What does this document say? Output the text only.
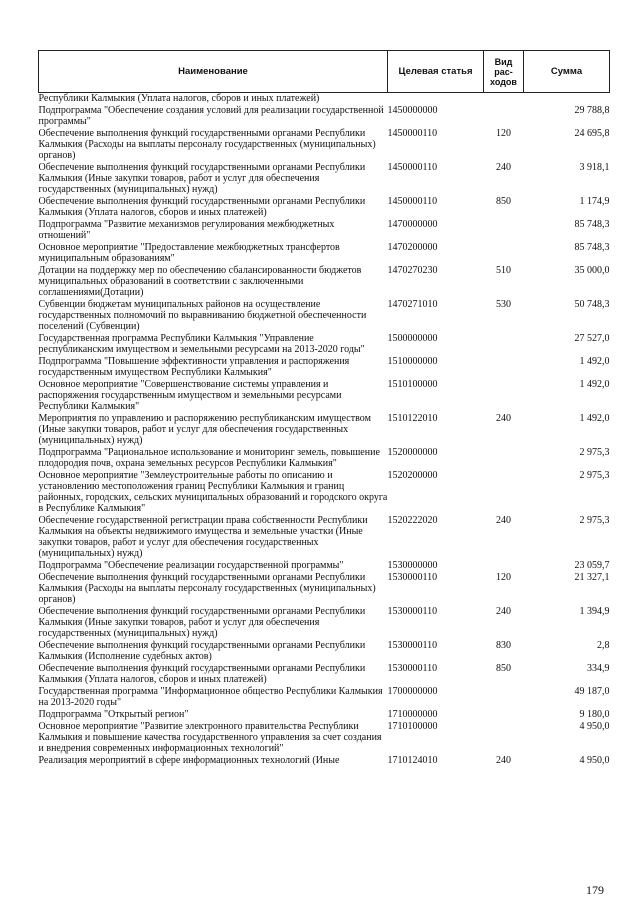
Наименование	Целевая статья	Вид рас-ходов	Сумма
Республики Калмыкия (Уплата налогов, сборов и иных платежей)			
Подпрограмма "Обеспечение создания условий для реализации государственной программы"	1450000000		29 788,8
Обеспечение выполнения функций государственными органами Республики Калмыкия (Расходы на выплаты персоналу государственных (муниципальных) органов)	1450000110	120	24 695,8
Обеспечение выполнения функций государственными органами Республики Калмыкия (Иные закупки товаров, работ и услуг для обеспечения государственных (муниципальных) нужд)	1450000110	240	3 918,1
Обеспечение выполнения функций государственными органами Республики Калмыкия (Уплата налогов, сборов и иных платежей)	1450000110	850	1 174,9
Подпрограмма "Развитие механизмов регулирования межбюджетных отношений"	1470000000		85 748,3
Основное мероприятие "Предоставление межбюджетных трансфертов муниципальным образованиям"	1470200000		85 748,3
Дотации на поддержку мер по обеспечению сбалансированности бюджетов муниципальных образований в соответствии с заключенными соглашениями(Дотации)	1470270230	510	35 000,0
Субвенции бюджетам муниципальных районов на осуществление государственных полномочий по выравниванию бюджетной обеспеченности поселений (Субвенции)	1470271010	530	50 748,3
Государственная программа Республики Калмыкия "Управление республиканским имуществом и земельными ресурсами на 2013-2020 годы"	1500000000		27 527,0
Подпрограмма "Повышение эффективности управления и распоряжения государственным имуществом Республики Калмыкия"	1510000000		1 492,0
Основное мероприятие "Совершенствование системы управления и распоряжения государственным имуществом и земельными ресурсами Республики Калмыкия"	1510100000		1 492,0
Мероприятия по управлению и распоряжению республиканским имуществом (Иные закупки товаров, работ и услуг для обеспечения государственных (муниципальных) нужд)	1510122010	240	1 492,0
Подпрограмма "Рациональное использование и мониторинг земель, повышение плодородия почв, охрана земельных ресурсов Республики Калмыкия"	1520000000		2 975,3
Основное мероприятие "Землеустроительные работы по описанию и установлению местоположения границ Республики Калмыкия и границ районных, городских, сельских муниципальных образований и городского округа в Республике Калмыкия"	1520200000		2 975,3
Обеспечение государственной регистрации права собственности Республики Калмыкия на объекты недвижимого имущества и земельные участки (Иные закупки товаров, работ и услуг для обеспечения государственных (муниципальных) нужд)	1520222020	240	2 975,3
Подпрограмма "Обеспечение реализации государственной программы"	1530000000		23 059,7
Обеспечение выполнения функций государственными органами Республики Калмыкия (Расходы на выплаты персоналу государственных (муниципальных) органов)	1530000110	120	21 327,1
Обеспечение выполнения функций государственными органами Республики Калмыкия (Иные закупки товаров, работ и услуг для обеспечения государственных (муниципальных) нужд)	1530000110	240	1 394,9
Обеспечение выполнения функций государственными органами Республики Калмыкия (Исполнение судебных актов)	1530000110	830	2,8
Обеспечение выполнения функций государственными органами Республики Калмыкия (Уплата налогов, сборов и иных платежей)	1530000110	850	334,9
Государственная программа "Информационное общество Республики Калмыкия на 2013-2020 годы"	1700000000		49 187,0
Подпрограмма "Открытый регион"	1710000000		9 180,0
Основное мероприятие "Развитие электронного правительства Республики Калмыкия и повышение качества государственного управления за счет создания и внедрения современных информационных технологий"	1710100000		4 950,0
Реализация мероприятий в сфере информационных технологий (Иные	1710124010	240	4 950,0
179
